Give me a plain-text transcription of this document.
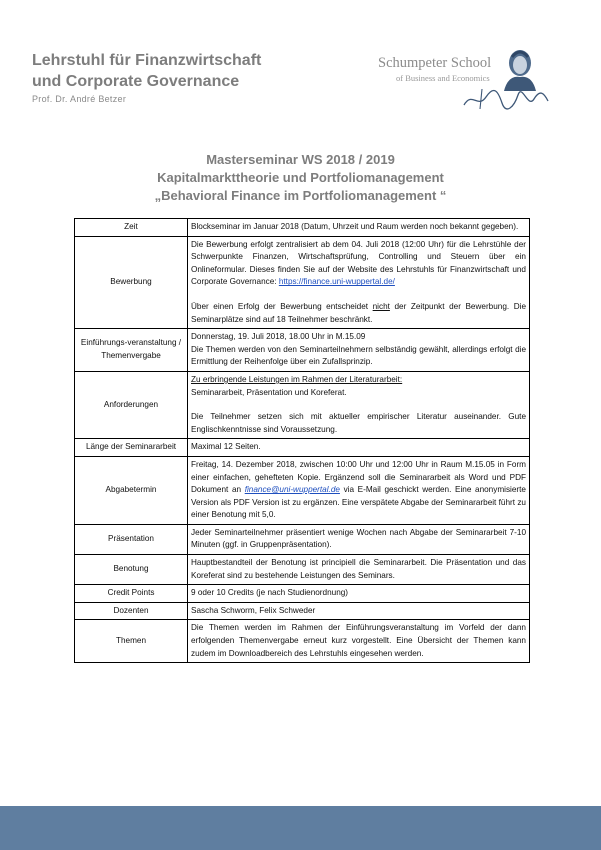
Lehrstuhl für Finanzwirtschaft
und Corporate Governance
Prof. Dr. André Betzer
Schumpeter School
of Business and Economics
Masterseminar WS 2018 / 2019
Kapitalmarkttheorie und Portfoliomanagement
„Behavioral Finance im Portfoliomanagement “
Zeit	Blockseminar im Januar 2018 (Datum, Uhrzeit und Raum werden noch bekannt gegeben).
Bewerbung	Die Bewerbung erfolgt zentralisiert ab dem 04. Juli 2018 (12:00 Uhr) für die Lehrstühle der Schwerpunkte Finanzen, Wirtschaftsprüfung, Controlling und Steuern über ein Onlineformular. Dieses finden Sie auf der Website des Lehrstuhls für Finanzwirtschaft und Corporate Governance: https://finance.uni-wuppertal.de/

Über einen Erfolg der Bewerbung entscheidet nicht der Zeitpunkt der Bewerbung. Die Seminarplätze sind auf 18 Teilnehmer beschränkt.

Einführungs-veranstaltung / Themenvergabe	Donnerstag, 19. Juli 2018, 18.00 Uhr in M.15.09

Die Themen werden von den Seminarteilnehmern selbständig gewählt, allerdings erfolgt die Ermittlung der Reihenfolge über ein Zufallsprinzip.

Anforderungen	Zu erbringende Leistungen im Rahmen der Literaturarbeit:

Seminararbeit, Präsentation und Koreferat.

Die Teilnehmer setzen sich mit aktueller empirischer Literatur auseinander. Gute Englischkenntnisse sind Voraussetzung.

Länge der Seminararbeit	Maximal 12 Seiten.
Abgabetermin	Freitag, 14. Dezember 2018, zwischen 10:00 Uhr und 12:00 Uhr in Raum M.15.05 in Form einer einfachen, gehefteten Kopie. Ergänzend soll die Seminararbeit als Word und PDF Dokument an finance@uni-wuppertal.de via E-Mail geschickt werden. Eine anonymisierte Version als PDF Version ist zu ergänzen. Eine verspätete Abgabe der Seminararbeit führt zu einer Benotung mit 5,0.
Präsentation	Jeder Seminarteilnehmer präsentiert wenige Wochen nach Abgabe der Seminararbeit 7-10 Minuten (ggf. in Gruppenpräsentation).
Benotung	Hauptbestandteil der Benotung ist principiell die Seminararbeit. Die Präsentation und das Koreferat sind zu bestehende Leistungen des Seminars.
Credit Points	9 oder 10 Credits (je nach Studienordnung)
Dozenten	Sascha Schworm, Felix Schweder
Themen	Die Themen werden im Rahmen der Einführungsveranstaltung im Vorfeld der dann erfolgenden Themenvergabe erneut kurz vorgestellt. Eine Übersicht der Themen kann zudem im Downloadbereich des Lehrstuhls eingesehen werden.
